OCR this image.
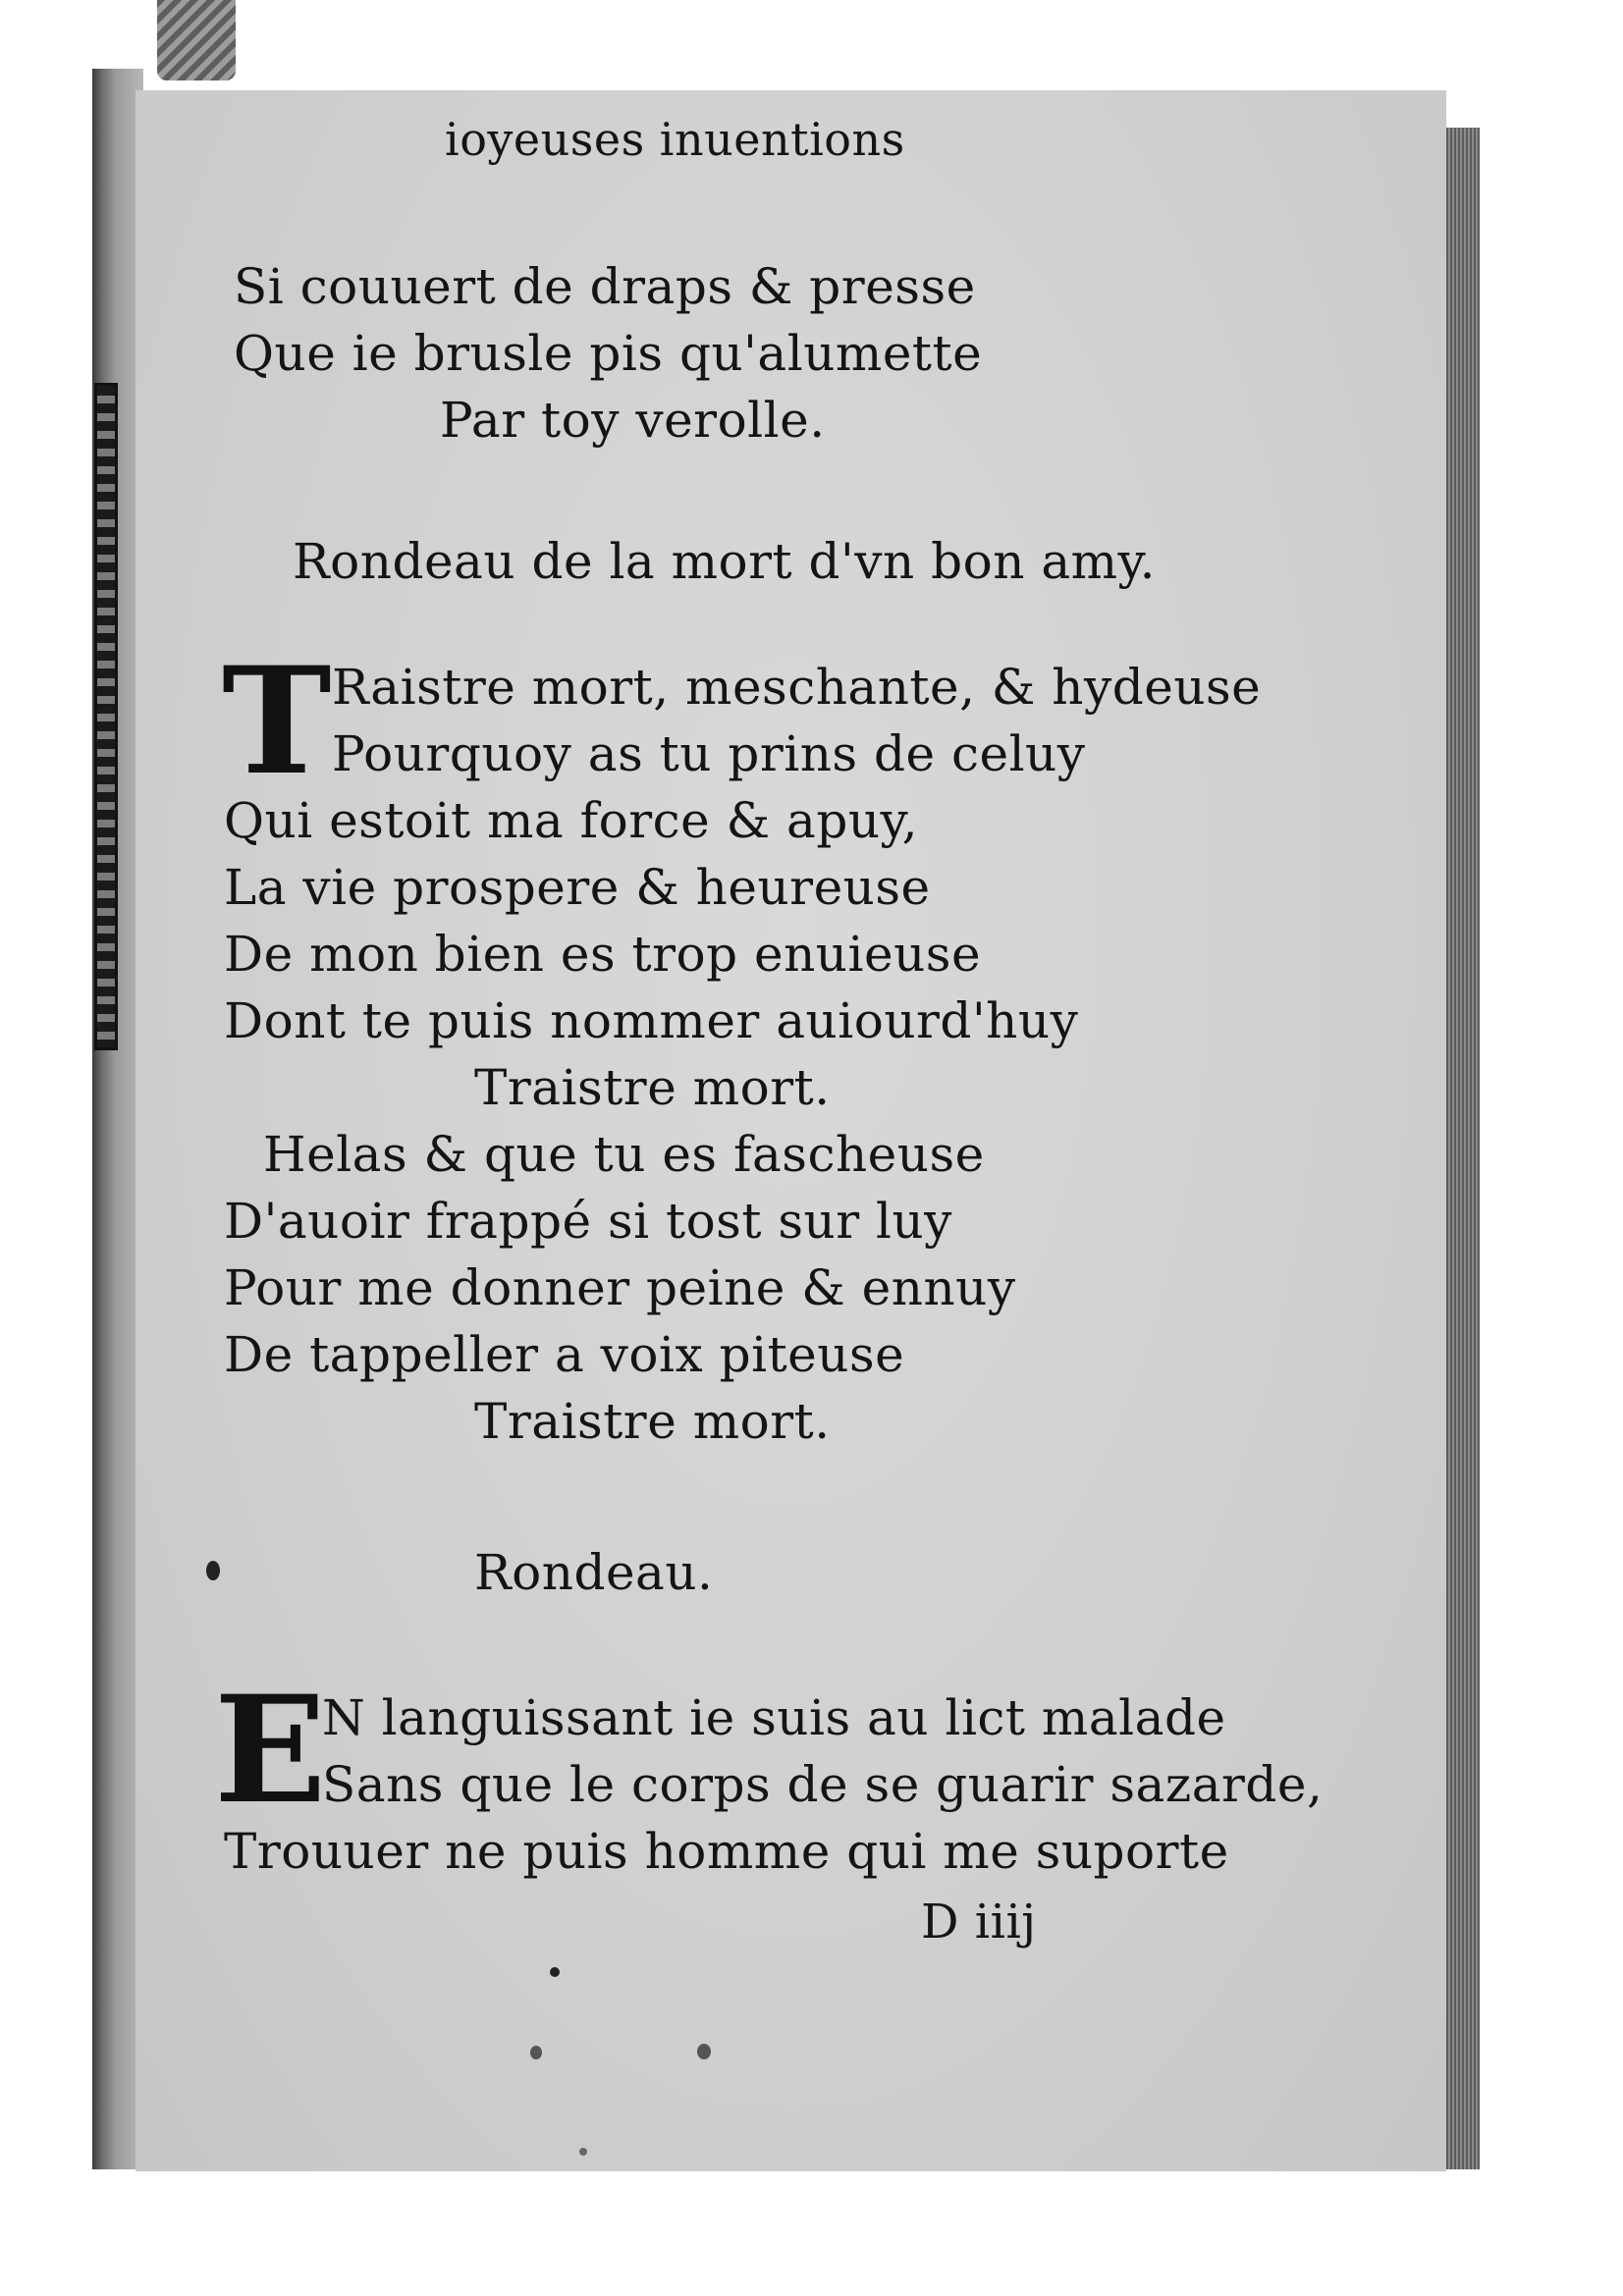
ioyeuses inuentions
Si couuert de draps & presse
Que ie brusle pis qu'alumette
Par toy verolle.
Rondeau de la mort d'vn bon amy.
T Raistre mort, meschante, & hydeuse
Pourquoy as tu prins de celuy
Qui estoit ma force & apuy,
La vie prospere & heureuse
De mon bien es trop enuieuse
Dont te puis nommer auiourd'huy
Traistre mort.
Helas & que tu es fascheuse
D'auoir frappé si tost sur luy
Pour me donner peine & ennuy
De tappeller a voix piteuse
Traistre mort.
Rondeau.
E
N languissant ie suis au lict malade
Sans que le corps de se guarir sazarde,
Trouuer ne puis homme qui me suporte
D iiij
